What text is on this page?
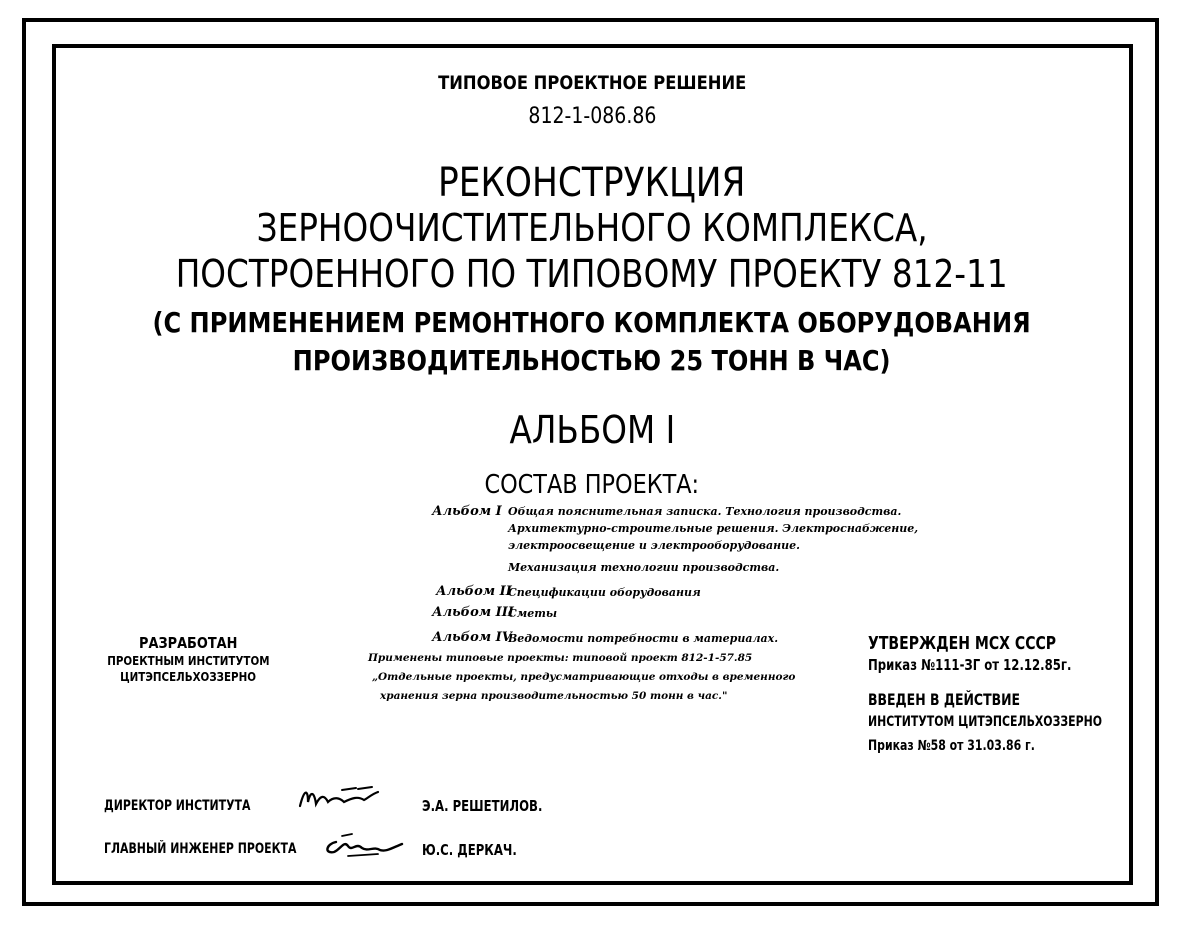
ТИПОВОЕ ПРОЕКТНОЕ РЕШЕНИЕ
812-1-086.86
РЕКОНСТРУКЦИЯ
ЗЕРНООЧИСТИТЕЛЬНОГО КОМПЛЕКСА,
ПОСТРОЕННОГО ПО ТИПОВОМУ ПРОЕКТУ 812-11
(С ПРИМЕНЕНИЕМ РЕМОНТНОГО КОМПЛЕКТА ОБОРУДОВАНИЯ
ПРОИЗВОДИТЕЛЬНОСТЬЮ 25 ТОНН В ЧАС)
АЛЬБОМ I
СОСТАВ ПРОЕКТА:
Альбом I Общая пояснительная записка. Технология производства.
Архитектурно-строительные решения. Электроснабжение,
электроосвещение и электрооборудование.
Механизация технологии производства.
Альбом II
Спецификации оборудования
Альбом III
Сметы
Альбом IV
Ведомости потребности в материалах.
Применены типовые проекты: типовой проект 812-1-57.85
„Отдельные проекты, предусматривающие отходы в временного
хранения зерна производительностью 50 тонн в час."
РАЗРАБОТАН
ПРОЕКТНЫМ ИНСТИТУТОМ
ЦИТЭПСЕЛЬХОЗЗЕРНО
УТВЕРЖДЕН МСХ СССР
Приказ №111-ЗГ от 12.12.85г.
ВВЕДЕН В ДЕЙСТВИЕ
ИНСТИТУТОМ ЦИТЭПСЕЛЬХОЗЗЕРНО
Приказ №58 от 31.03.86 г.
ДИРЕКТОР ИНСТИТУТА	Э.А. РЕШЕТИЛОВ.
ГЛАВНЫЙ ИНЖЕНЕР ПРОЕКТА	Ю.С. ДЕРКАЧ.
